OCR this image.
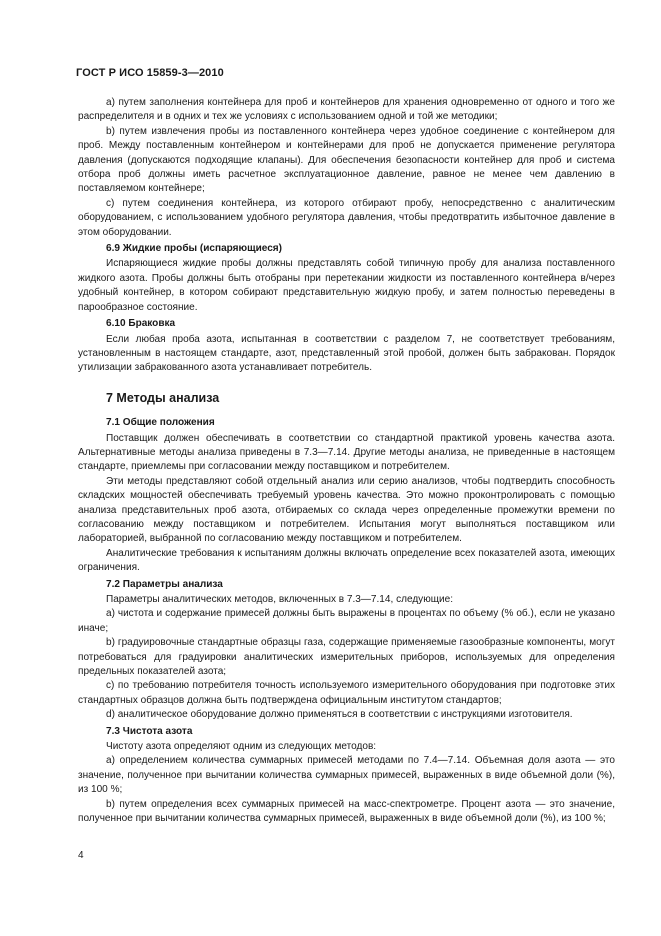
ГОСТ Р ИСО 15859-3—2010

a) путем заполнения контейнера для проб и контейнеров для хранения одновременно от одного и того же распределителя и в одних и тех же условиях с использованием одной и той же методики;

b) путем извлечения пробы из поставленного контейнера через удобное соединение с контейнером для проб. Между поставленным контейнером и контейнерами для проб не допускается применение регулятора давления (допускаются подходящие клапаны). Для обеспечения безопасности контейнер для проб и система отбора проб должны иметь расчетное эксплуатационное давление, равное не менее чем давлению в поставляемом контейнере;

c) путем соединения контейнера, из которого отбирают пробу, непосредственно с аналитическим оборудованием, с использованием удобного регулятора давления, чтобы предотвратить избыточное давление в этом оборудовании.

6.9 Жидкие пробы (испаряющиеся)

Испаряющиеся жидкие пробы должны представлять собой типичную пробу для анализа поставленного жидкого азота. Пробы должны быть отобраны при перетекании жидкости из поставленного контейнера в/через удобный контейнер, в котором собирают представительную жидкую пробу, и затем полностью переведены в парообразное состояние.

6.10 Браковка

Если любая проба азота, испытанная в соответствии с разделом 7, не соответствует требованиям, установленным в настоящем стандарте, азот, представленный этой пробой, должен быть забракован. Порядок утилизации забракованного азота устанавливает потребитель.

7 Методы анализа

7.1 Общие положения

Поставщик должен обеспечивать в соответствии со стандартной практикой уровень качества азота. Альтернативные методы анализа приведены в 7.3—7.14. Другие методы анализа, не приведенные в настоящем стандарте, приемлемы при согласовании между поставщиком и потребителем.

Эти методы представляют собой отдельный анализ или серию анализов, чтобы подтвердить способность складских мощностей обеспечивать требуемый уровень качества. Это можно проконтролировать с помощью анализа представительных проб азота, отбираемых со склада через определенные промежутки времени по согласованию между поставщиком и потребителем. Испытания могут выполняться поставщиком или лабораторией, выбранной по согласованию между поставщиком и потребителем.

Аналитические требования к испытаниям должны включать определение всех показателей азота, имеющих ограничения.

7.2 Параметры анализа

Параметры аналитических методов, включенных в 7.3—7.14, следующие:

a) чистота и содержание примесей должны быть выражены в процентах по объему (% об.), если не указано иначе;

b) градуировочные стандартные образцы газа, содержащие применяемые газообразные компоненты, могут потребоваться для градуировки аналитических измерительных приборов, используемых для определения предельных показателей азота;

c) по требованию потребителя точность используемого измерительного оборудования при подготовке этих стандартных образцов должна быть подтверждена официальным институтом стандартов;

d) аналитическое оборудование должно применяться в соответствии с инструкциями изготовителя.

7.3 Чистота азота

Чистоту азота определяют одним из следующих методов:

a) определением количества суммарных примесей методами по 7.4—7.14. Объемная доля азота — это значение, полученное при вычитании количества суммарных примесей, выраженных в виде объемной доли (%), из 100 %;

b) путем определения всех суммарных примесей на масс-спектрометре. Процент азота — это значение, полученное при вычитании количества суммарных примесей, выраженных в виде объемной доли (%), из 100 %;

4
